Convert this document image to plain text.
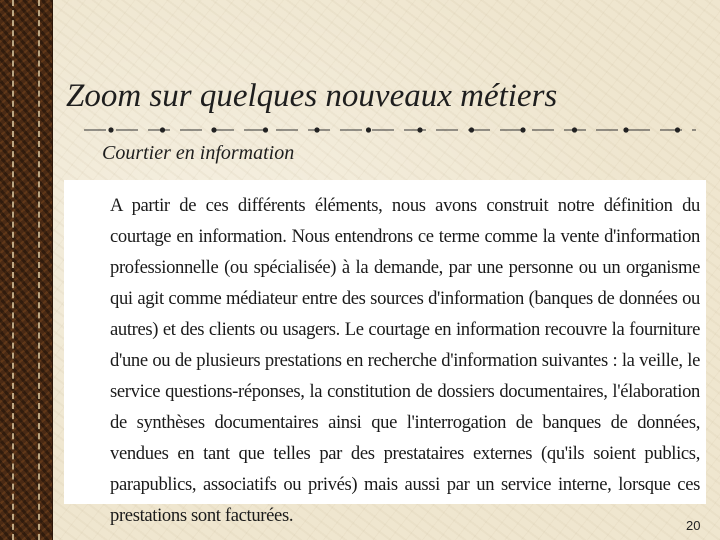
Zoom sur quelques nouveaux métiers
Courtier en information

A partir de ces différents éléments, nous avons construit notre définition du courtage en information. Nous entendrons ce terme comme la vente d'information professionnelle (ou spécialisée) à la demande, par une personne ou un organisme qui agit comme médiateur entre des sources d'information (banques de données ou autres) et des clients ou usagers. Le courtage en information recouvre la fourniture d'une ou de plusieurs prestations en recherche d'information suivantes : la veille, le service questions-réponses, la constitution de dossiers documentaires, l'élaboration de synthèses documentaires ainsi que l'interrogation de banques de données, vendues en tant que telles par des prestataires externes (qu'ils soient publics, parapublics, associatifs ou privés) mais aussi par un service interne, lorsque ces prestations sont facturées.	20
